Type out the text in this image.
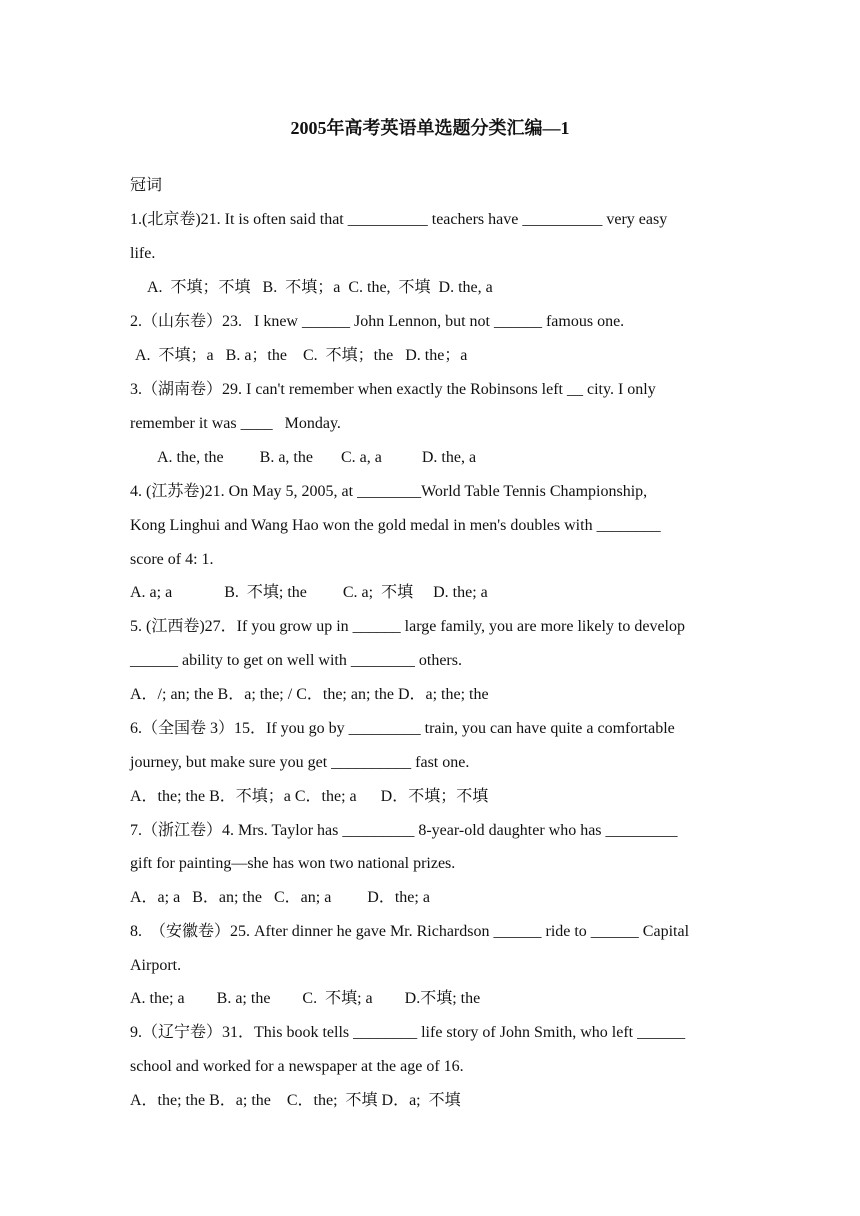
2005年高考英语单选题分类汇编—1
冠词
1.(北京卷)21. It is often said that __________ teachers have __________ very easy
life.
A.  不填；不填   B.  不填；a  C. the,  不填  D. the, a
2.（山东卷）23.   I knew ______ John Lennon, but not ______ famous one.
A.  不填；a   B. a；the    C.  不填；the   D. the；a
3.（湖南卷）29. I can't remember when exactly the Robinsons left __ city. I only
remember it was ____   Monday.
A. the, the         B. a, the       C. a, a          D. the, a
4. (江苏卷)21. On May 5, 2005, at ________World Table Tennis Championship,
Kong Linghui and Wang Hao won the gold medal in men's doubles with ________
score of 4: 1.
A. a; a             B.  不填; the         C. a;  不填     D. the; a
5. (江西卷)27．If you grow up in ______ large family, you are more likely to develop
______ ability to get on well with ________ others.
A．/; an; the B．a; the; / C．the; an; the D．a; the; the
6.（全国卷 3）15．If you go by _________ train, you can have quite a comfortable
journey, but make sure you get __________ fast one.
A．the; the B．不填；a C．the; a      D．不填；不填
7.（浙江卷）4. Mrs. Taylor has _________ 8-year-old daughter who has _________
gift for painting—she has won two national prizes.
A．a; a   B．an; the   C．an; a         D．the; a
8.  （安徽卷）25. After dinner he gave Mr. Richardson ______ ride to ______ Capital
Airport.
A. the; a        B. a; the        C.  不填; a        D.不填; the
9.（辽宁卷）31．This book tells ________ life story of John Smith, who left ______
school and worked for a newspaper at the age of 16.
A．the; the B．a; the    C．the;  不填 D．a;  不填
